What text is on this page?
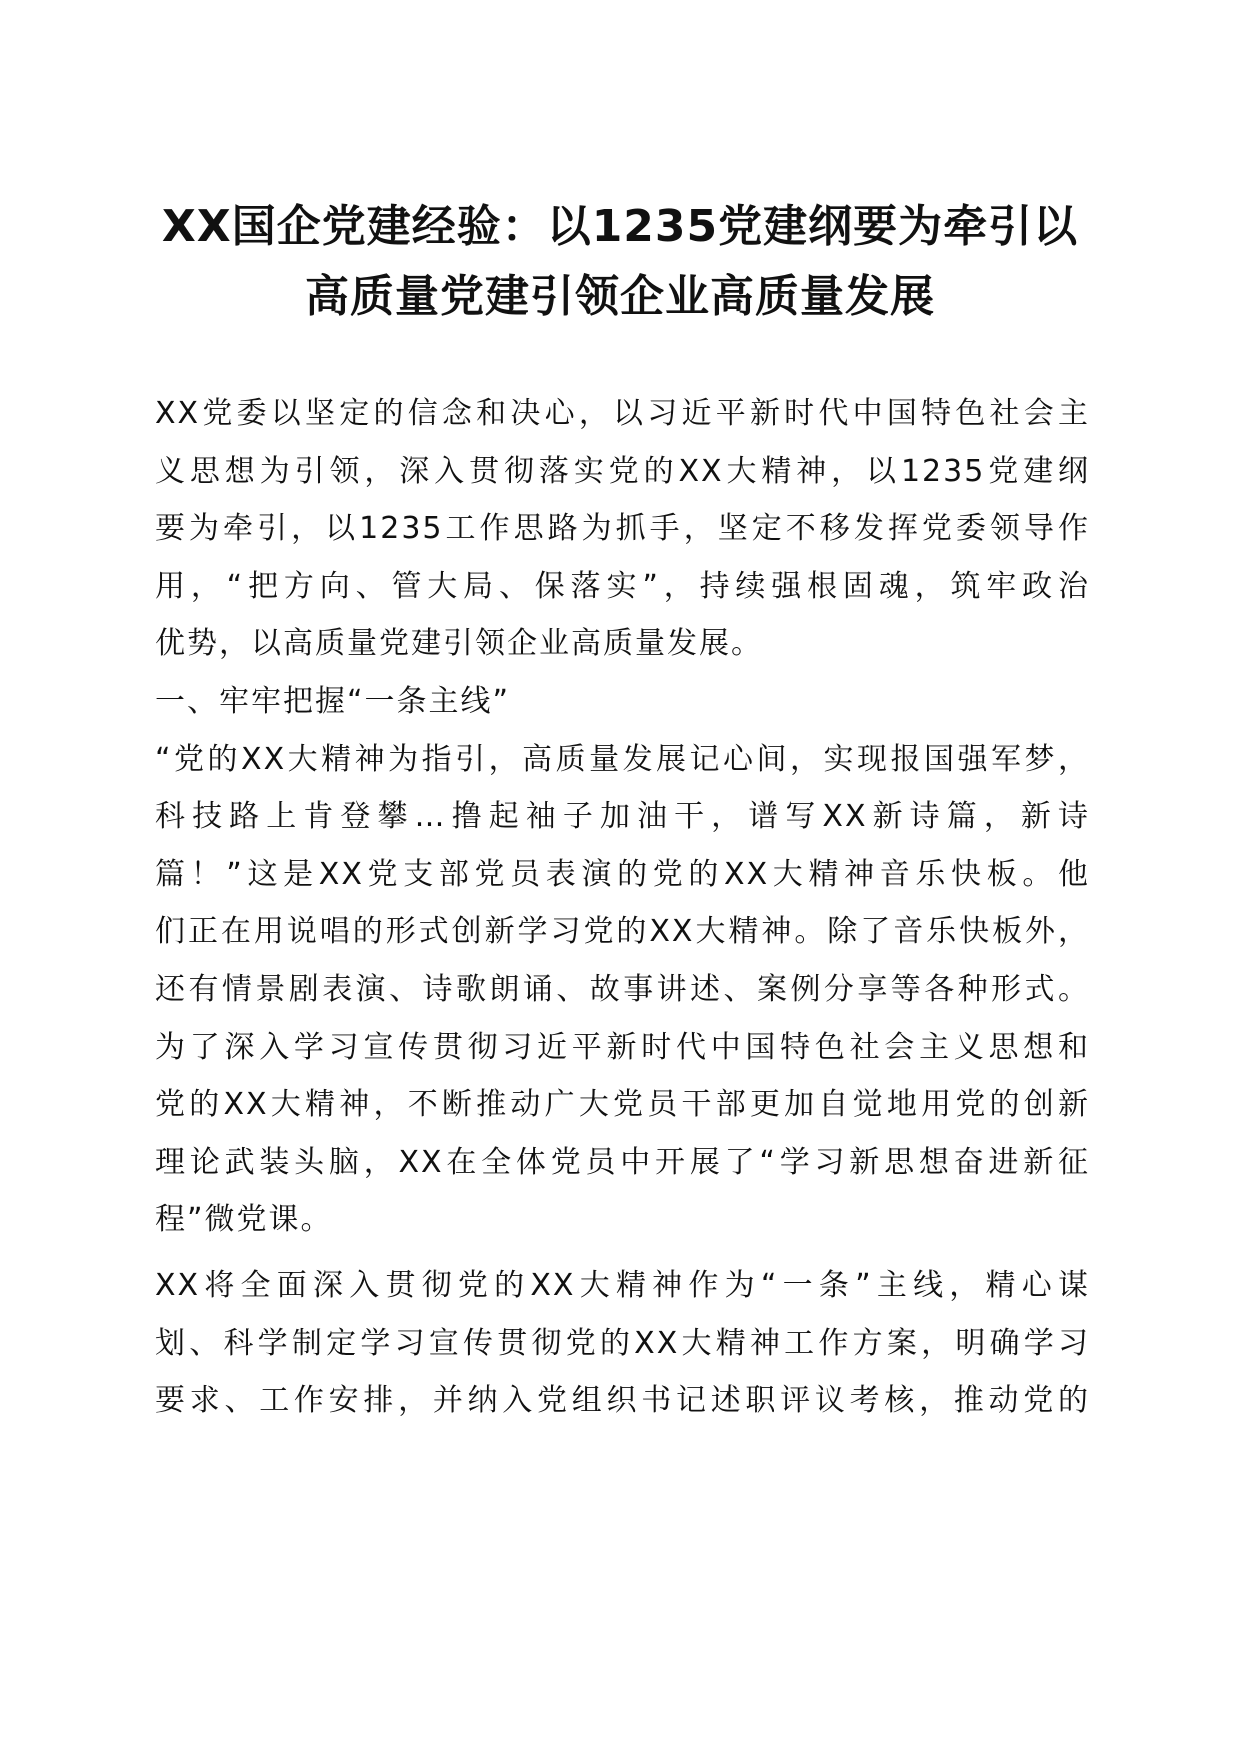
XX国企党建经验：以1235党建纲要为牵引以
高质量党建引领企业高质量发展
XX党委以坚定的信念和决心，以习近平新时代中国特色社会主
义思想为引领，深入贯彻落实党的XX大精神，以1235党建纲
要为牵引，以1235工作思路为抓手，坚定不移发挥党委领导作
用，“把方向、管大局、保落实”，持续强根固魂，筑牢政治
优势，以高质量党建引领企业高质量发展。
一、牢牢把握“一条主线”
“党的XX大精神为指引，高质量发展记心间，实现报国强军梦，
科技路上肯登攀…撸起袖子加油干，谱写XX新诗篇，新诗
篇！”这是XX党支部党员表演的党的XX大精神音乐快板。他
们正在用说唱的形式创新学习党的XX大精神。除了音乐快板外，
还有情景剧表演、诗歌朗诵、故事讲述、案例分享等各种形式。
为了深入学习宣传贯彻习近平新时代中国特色社会主义思想和
党的XX大精神，不断推动广大党员干部更加自觉地用党的创新
理论武装头脑，XX在全体党员中开展了“学习新思想奋进新征
程”微党课。
XX将全面深入贯彻党的XX大精神作为“一条”主线，精心谋
划、科学制定学习宣传贯彻党的XX大精神工作方案，明确学习
要求、工作安排，并纳入党组织书记述职评议考核，推动党的
